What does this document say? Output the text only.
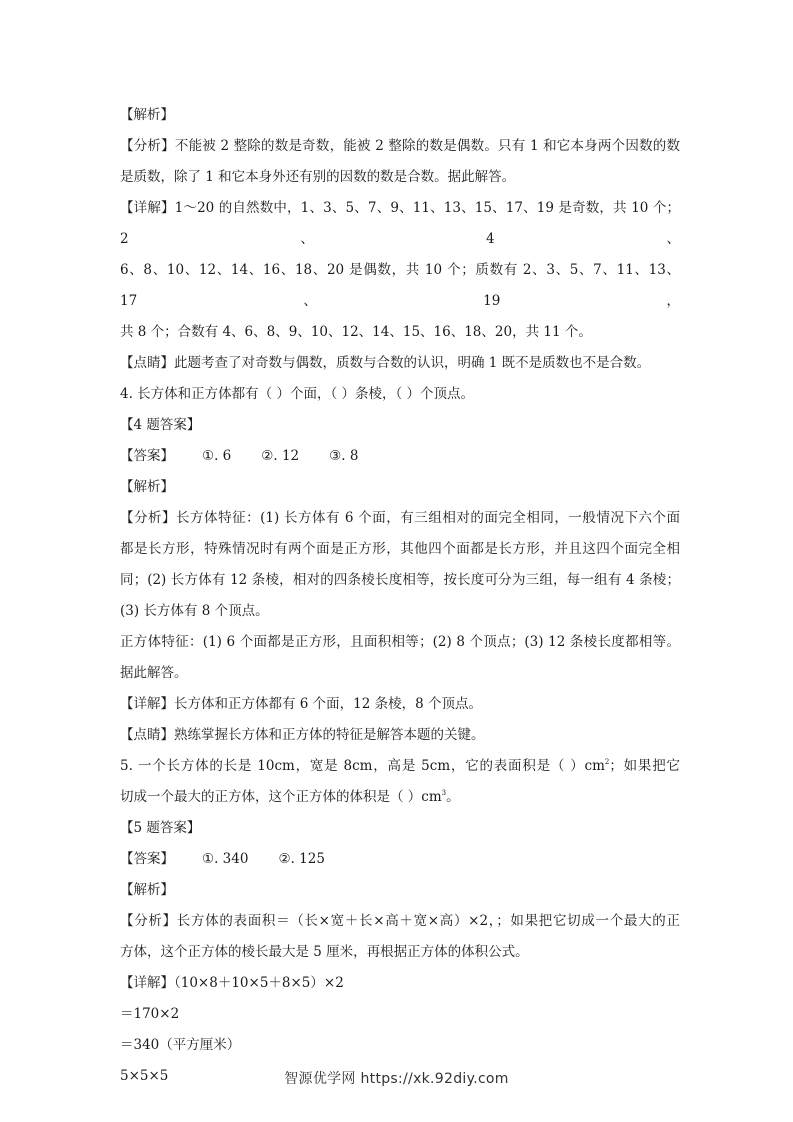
【解析】
【分析】不能被 2 整除的数是奇数，能被 2 整除的数是偶数。只有 1 和它本身两个因数的数
是质数，除了 1 和它本身外还有别的因数的数是合数。据此解答。
【详解】1～20 的自然数中，1、3、5、7、9、11、13、15、17、19 是奇数，共 10 个；2、4、
6、8、10、12、14、16、18、20 是偶数，共 10 个；质数有 2、3、5、7、11、13、17、19，
共 8 个；合数有 4、6、8、9、10、12、14、15、16、18、20，共 11 个。
【点睛】此题考查了对奇数与偶数，质数与合数的认识，明确 1 既不是质数也不是合数。
4. 长方体和正方体都有（ ）个面，（ ）条棱，（ ）个顶点。
【4 题答案】
【答案】 ①. 6 ②. 12 ③. 8
【解析】
【分析】长方体特征：(1) 长方体有 6 个面，有三组相对的面完全相同，一般情况下六个面
都是长方形，特殊情况时有两个面是正方形，其他四个面都是长方形，并且这四个面完全相
同；(2) 长方体有 12 条棱，相对的四条棱长度相等，按长度可分为三组，每一组有 4 条棱；
(3) 长方体有 8 个顶点。
正方体特征：(1) 6 个面都是正方形，且面积相等；(2) 8 个顶点；(3) 12 条棱长度都相等。
据此解答。
【详解】长方体和正方体都有 6 个面，12 条棱，8 个顶点。
【点睛】熟练掌握长方体和正方体的特征是解答本题的关键。
5. 一个长方体的长是 10cm，宽是 8cm，高是 5cm，它的表面积是（ ）$cm^2$；如果把它
切成一个最大的正方体，这个正方体的体积是（ ）$cm^3$。
【5 题答案】
【答案】 ①. 340 ②. 125
【解析】
【分析】长方体的表面积＝（长×宽＋长×高＋宽×高）×2，；如果把它切成一个最大的正
方体，这个正方体的棱长最大是 5 厘米，再根据正方体的体积公式。
【详解】（10×8＋10×5＋8×5）×2
＝170×2
＝340（平方厘米）
5×5×5	智源优学网 https://xk.92diy.com
